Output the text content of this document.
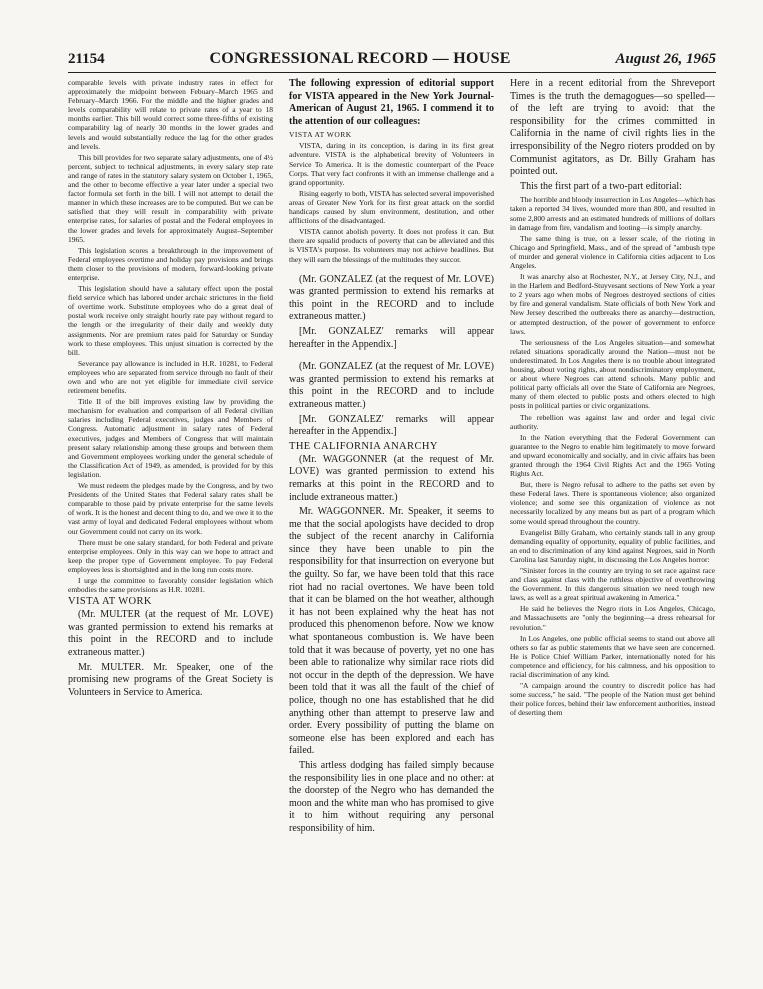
21154	CONGRESSIONAL RECORD — HOUSE	August 26, 1965

comparable levels with private industry rates in effect for approximately the midpoint between Febuary–March 1965 and February–March 1966. For the middle and the higher grades and levels comparability will relate to private rates of a year to 18 months earlier. This bill would correct some three-fifths of existing comparability lag of nearly 30 months in the lower grades and levels and would substantially reduce the lag for the other grades and levels.

This bill provides for two separate salary adjustments, one of 4½ percent, subject to technical adjustments, in every salary step rate and range of rates in the statutory salary system on October 1, 1965, and the other to become effective a year later under a special two factor formula set forth in the bill. I will not attempt to detail the manner in which these increases are to be computed. But we can be satisfied that they will result in comparability with private enterprise rates, for salaries of postal and the Federal employees in the lower grades and levels for approximately August–September 1965.

This legislation scores a breakthrough in the improvement of Federal employees overtime and holiday pay provisions and brings them closer to the provisions of modern, forward-looking private enterprise.

This legislation should have a salutary effect upon the postal field service which has labored under archaic strictures in the field of overtime work. Substitute employees who do a great deal of postal work receive only straight hourly rate pay without regard to the length or the irregularity of their daily and weekly duty assignments. Nor are premium rates paid for Saturday or Sunday work to these employees. This unjust situation is corrected by the bill.

Severance pay allowance is included in H.R. 10281, to Federal employees who are separated from service through no fault of their own and who are not yet eligible for immediate civil service retirement benefits.

Title II of the bill improves existing law by providing the mechanism for evaluation and comparison of all Federal civilian salaries including Federal executives, judges and Members of Congress. Automatic adjustment in salary rates of Federal executives, judges and Members of Congress that will maintain present salary relationship among these groups and between them and Government employees working under the general schedule of the Classification Act of 1949, as amended, is provided for by this legislation.

We must redeem the pledges made by the Congress, and by two Presidents of the United States that Federal salary rates shall be comparable to those paid by private enterprise for the same levels of work. It is the honest and decent thing to do, and we owe it to the vast army of loyal and dedicated Federal employees without whom our Government could not carry on its work.

There must be one salary standard, for both Federal and private enterprise employees. Only in this way can we hope to attract and keep the proper type of Government employee. To pay Federal employees less is shortsighted and in the long run costs more.

I urge the committee to favorably consider legislation which embodies the same provisions as H.R. 10281.

VISTA AT WORK

(Mr. MULTER (at the request of Mr. LOVE) was granted permission to extend his remarks at this point in the RECORD and to include extraneous matter.)

Mr. MULTER. Mr. Speaker, one of the promising new programs of the Great Society is Volunteers in Service to America.

The following expression of editorial support for VISTA appeared in the New York Journal-American of August 21, 1965. I commend it to the attention of our colleagues:

VISTA AT WORK

VISTA, daring in its conception, is daring in its first great adventure. VISTA is the alphabetical brevity of Volunteers in Service To America. It is the domestic counterpart of the Peace Corps. That very fact confronts it with an immense challenge and a grand opportunity.

Rising eagerly to both, VISTA has selected several impoverished areas of Greater New York for its first great attack on the sordid handicaps caused by slum environment, destitution, and other afflictions of the disadvantaged.

VISTA cannot abolish poverty. It does not profess it can. But there are squalid products of poverty that can be alleviated and this is VISTA's purpose. Its volunteers may not achieve headlines. But they will earn the blessings of the multitudes they succor.

(Mr. GONZALEZ (at the request of Mr. LOVE) was granted permission to extend his remarks at this point in the RECORD and to include extraneous matter.)

[Mr. GONZALEZ' remarks will appear hereafter in the Appendix.]

(Mr. GONZALEZ (at the request of Mr. LOVE) was granted permission to extend his remarks at this point in the RECORD and to include extraneous matter.)

[Mr. GONZALEZ' remarks will appear hereafter in the Appendix.]

THE CALIFORNIA ANARCHY

(Mr. WAGGONNER (at the request of Mr. LOVE) was granted permission to extend his remarks at this point in the RECORD and to include extraneous matter.)

Mr. WAGGONNER. Mr. Speaker, it seems to me that the social apologists have decided to drop the subject of the recent anarchy in California since they have been unable to pin the responsibility for that insurrection on everyone but the guilty. So far, we have been told that this race riot had no racial overtones. We have been told that it can be blamed on the hot weather, although it has not been explained why the heat has not produced this phenomenon before. Now we know what spontaneous combustion is. We have been told that it was because of poverty, yet no one has been able to rationalize why similar race riots did not occur in the depth of the depression. We have been told that it was all the fault of the chief of police, though no one has established that he did anything other than attempt to preserve law and order. Every possibility of putting the blame on someone else has been explored and each has failed.

This artless dodging has failed simply because the responsibility lies in one place and no other: at the doorstep of the Negro who has demanded the moon and the white man who has promised to give it to him without requiring any personal responsibility of him.

Here in a recent editorial from the Shreveport Times is the truth the demagogues—so spelled—of the left are trying to avoid: that the responsibility for the crimes committed in California in the name of civil rights lies in the irresponsibility of the Negro rioters prodded on by Communist agitators, as Dr. Billy Graham has pointed out.

This the first part of a two-part editorial:

The horrible and bloody insurrection in Los Angeles—which has taken a reported 34 lives, wounded more than 800, and resulted in some 2,800 arrests and an estimated hundreds of millions of dollars in damage from fire, vandalism and looting—is simply anarchy.

The same thing is true, on a lesser scale, of the rioting in Chicago and Springfield, Mass., and of the spread of "ambush type of murder and general violence in California cities adjacent to Los Angeles.

It was anarchy also at Rochester, N.Y., at Jersey City, N.J., and in the Harlem and Bedford-Stuyvesant sections of New York a year to 2 years ago when mobs of Negroes destroyed sections of cities by fire and general vandalism. State officials of both New York and New Jersey described the outbreaks there as anarchy—destruction, or attempted destruction, of the power of government to enforce laws.

The seriousness of the Los Angeles situation—and somewhat related situations sporadically around the Nation—must not be underestimated. In Los Angeles there is no trouble about integrated housing, about voting rights, about nondiscriminatory employment, or about where Negroes can attend schools. Many public and political party officials all over the State of California are Negroes, many of them elected to public posts and others elected to high posts in political parties or civic organizations.

The rebellion was against law and order and legal civic authority.

In the Nation everything that the Federal Government can guarantee to the Negro to enable him legitimately to move forward and upward economically and socially, and in civic affairs has been granted through the 1964 Civil Rights Act and the 1965 Voting Rights Act.

But, there is Negro refusal to adhere to the paths set even by these Federal laws. There is spontaneous violence; also organized violence; and some see this organization of violence as not necessarily localized by any means but as part of a program which some would spread throughout the country.

Evangelist Billy Graham, who certainly stands tall in any group demanding equality of opportunity, equality of public facilities, and an end to discrimination of any kind against Negroes, said in North Carolina last Saturday night, in discussing the Los Angeles horror:

"Sinister forces in the country are trying to set race against race and class against class with the ruthless objective of overthrowing the Government. In this dangerous situation we need tough new laws, as well as a great spiritual awakening in America."

He said he believes the Negro riots in Los Angeles, Chicago, and Massachusetts are "only the beginning—a dress rehearsal for revolution."

In Los Angeles, one public official seems to stand out above all others so far as public statements that we have seen are concerned. He is Police Chief William Parker, internationally noted for his competence and efficiency, for his calmness, and his opposition to racial discrimination of any kind.

"A campaign around the country to discredit police has had some success," he said. "The people of the Nation must get behind their police forces, behind their law enforcement authorities, instead of deserting them
